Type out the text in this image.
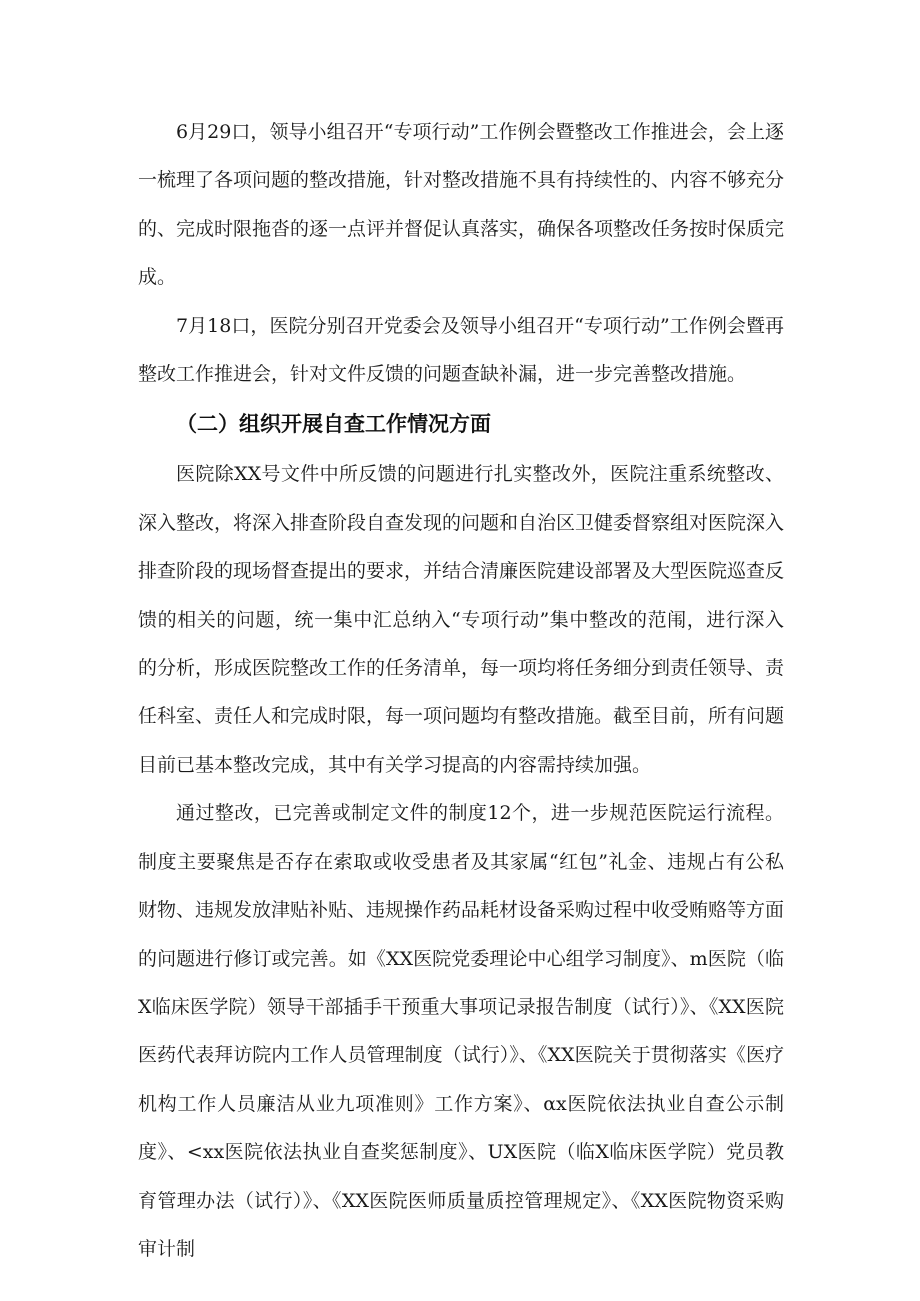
6月29口，领导小组召开“专项行动”工作例会暨整改工作推进会，会上逐一梳理了各项问题的整改措施，针对整改措施不具有持续性的、内容不够充分的、完成时限拖沓的逐一点评并督促认真落实，确保各项整改任务按时保质完成。

7月18口，医院分别召开党委会及领导小组召开“专项行动”工作例会暨再整改工作推进会，针对文件反馈的问题查缺补漏，进一步完善整改措施。

（二）组织开展自查工作情况方面

医院除XX号文件中所反馈的问题进行扎实整改外，医院注重系统整改、深入整改，将深入排查阶段自查发现的问题和自治区卫健委督察组对医院深入排查阶段的现场督查提出的要求，并结合清廉医院建设部署及大型医院巡查反馈的相关的问题，统一集中汇总纳入“专项行动”集中整改的范闱，进行深入的分析，形成医院整改工作的任务清单，每一项均将任务细分到责任领导、责任科室、责任人和完成时限，每一项问题均有整改措施。截至目前，所有问题目前已基本整改完成，其中有关学习提高的内容需持续加强。

通过整改，已完善或制定文件的制度12个，进一步规范医院运行流程。制度主要聚焦是否存在索取或收受患者及其家属“红包”礼金、违规占有公私财物、违规发放津贴补贴、违规操作药品耗材设备采购过程中收受贿赂等方面的问题进行修订或完善。如《XX医院党委理论中心组学习制度》、m医院（临X临床医学院）领导干部插手干预重大事项记录报告制度（试行）》、《XX医院医药代表拜访院内工作人员管理制度（试行）》、《XX医院关于贯彻落实《医疗机构工作人员廉洁从业九项准则》工作方案》、αx医院依法执业自查公示制度》、<xx医院依法执业自查奖惩制度》、UX医院（临X临床医学院）党员教育管理办法（试行）》、《XX医院医师质量质控管理规定》、《XX医院物资采购审计制
